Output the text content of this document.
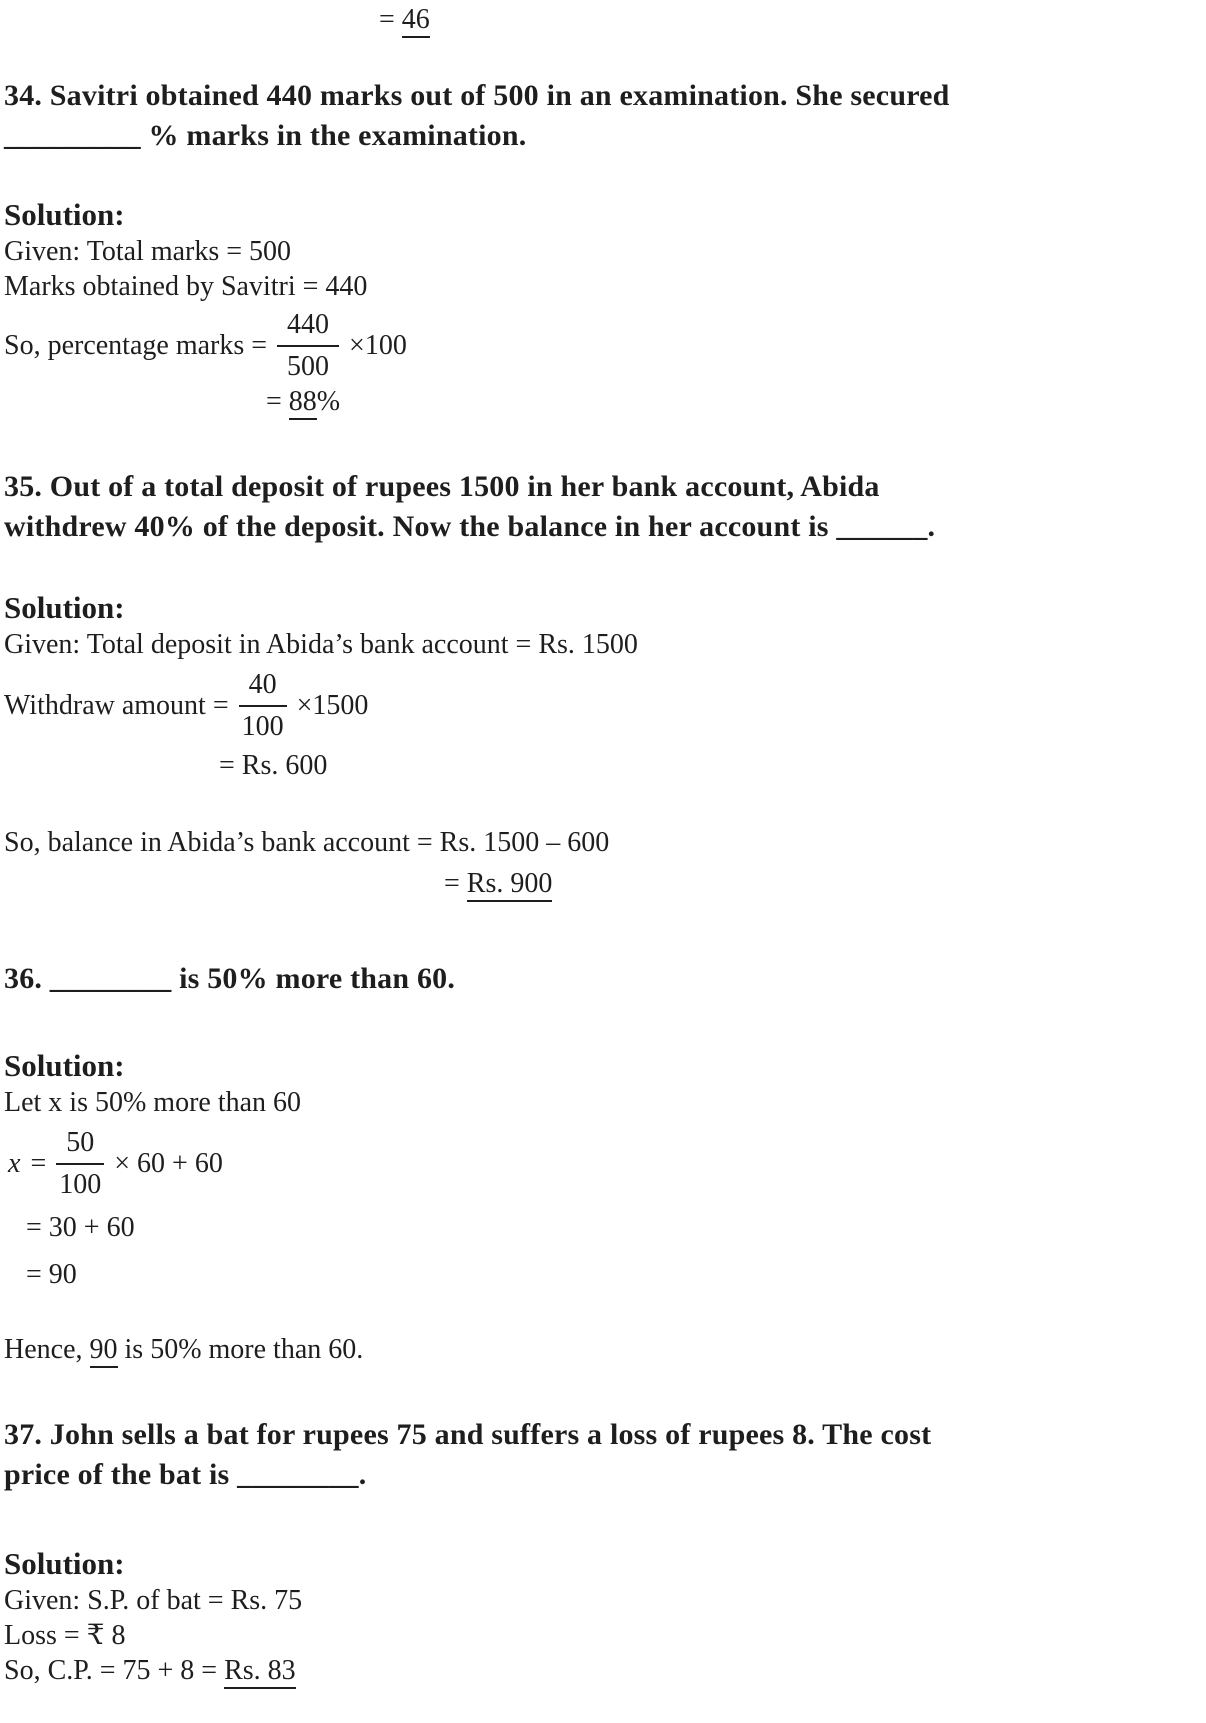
= 46
34. Savitri obtained 440 marks out of 500 in an examination. She secured
_________ % marks in the examination.
Solution:
Given: Total marks = 500
Marks obtained by Savitri = 440
So, percentage marks = $\frac{440}{500} \times 100$
= 88%
35. Out of a total deposit of rupees 1500 in her bank account, Abida
withdrew 40% of the deposit. Now the balance in her account is ______.
Solution:
Given: Total deposit in Abida’s bank account = Rs. 1500
Withdraw amount = $\frac{40}{100} \times 1500$
= Rs. 600
So, balance in Abida’s bank account = Rs. 1500 – 600
= Rs. 900
36. ________ is 50% more than 60.
Solution:
Let x is 50% more than 60
$x = \frac{50}{100} \times 60 + 60$
= 30 + 60
= 90
Hence, 90 is 50% more than 60.
37. John sells a bat for rupees 75 and suffers a loss of rupees 8. The cost
price of the bat is ________.
Solution:
Given: S.P. of bat = Rs. 75
Loss = ₹ 8
So, C.P. = 75 + 8 = Rs. 83
